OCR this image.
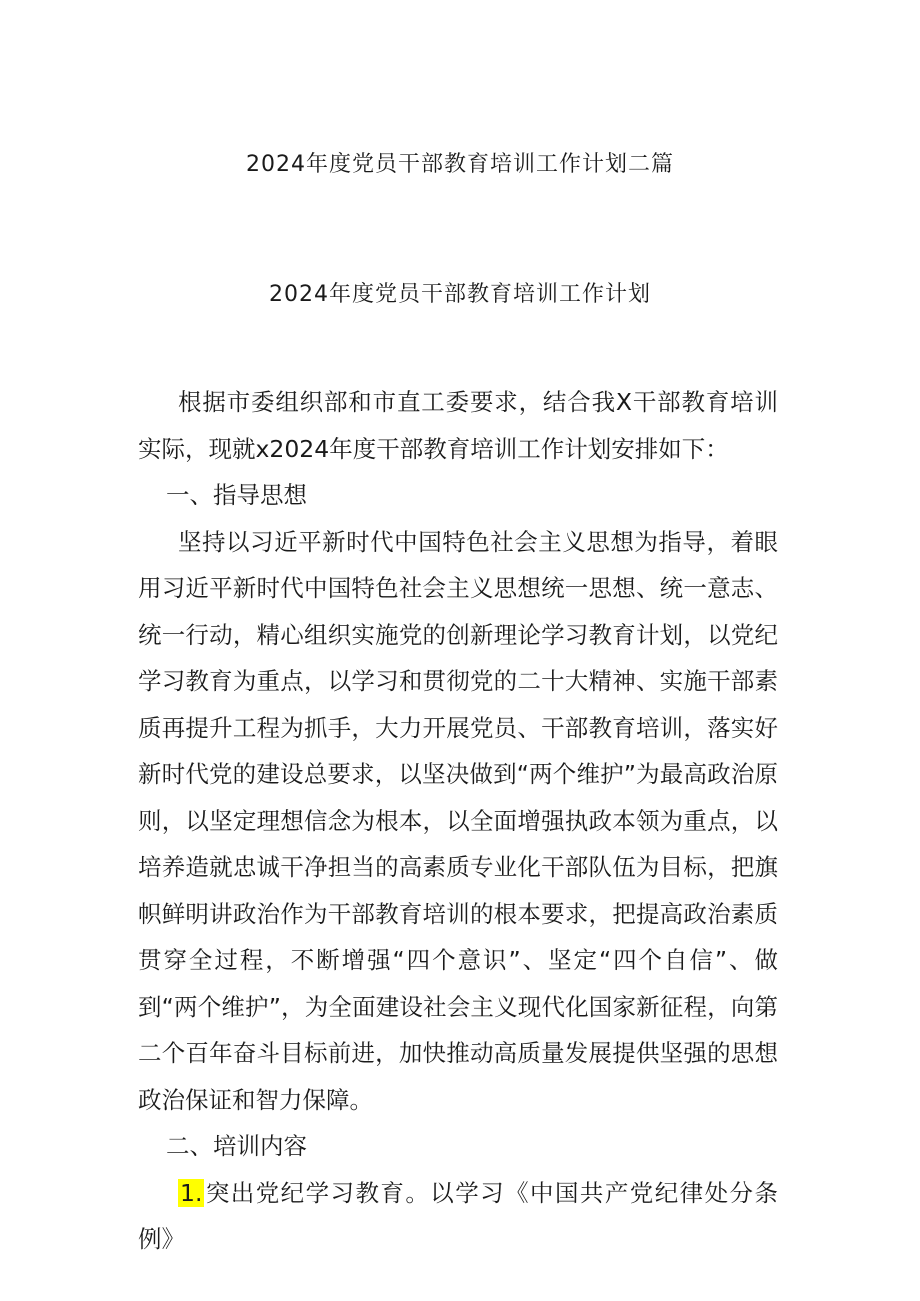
2024年度党员干部教育培训工作计划二篇
2024年度党员干部教育培训工作计划

根据市委组织部和市直工委要求，结合我X干部教育培训实际，现就x2024年度干部教育培训工作计划安排如下：

一、指导思想

坚持以习近平新时代中国特色社会主义思想为指导，着眼用习近平新时代中国特色社会主义思想统一思想、统一意志、统一行动，精心组织实施党的创新理论学习教育计划，以党纪学习教育为重点，以学习和贯彻党的二十大精神、实施干部素质再提升工程为抓手，大力开展党员、干部教育培训，落实好新时代党的建设总要求，以坚决做到“两个维护”为最高政治原则，以坚定理想信念为根本，以全面增强执政本领为重点，以培养造就忠诚干净担当的高素质专业化干部队伍为目标，把旗帜鲜明讲政治作为干部教育培训的根本要求，把提高政治素质贯穿全过程，不断增强“四个意识”、坚定“四个自信”、做到“两个维护”，为全面建设社会主义现代化国家新征程，向第二个百年奋斗目标前进，加快推动高质量发展提供坚强的思想政治保证和智力保障。

二、培训内容

1.突出党纪学习教育。以学习《中国共产党纪律处分条例》
